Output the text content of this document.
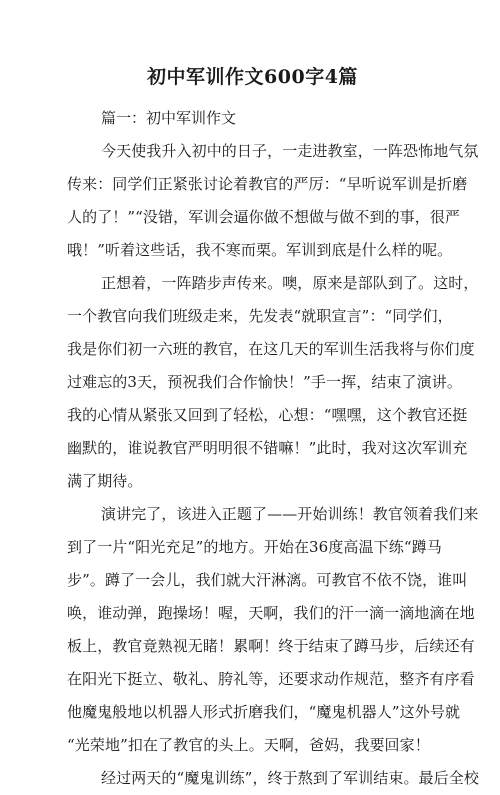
初中军训作文600字4篇

篇一：初中军训作文

今天使我升入初中的日子，一走进教室，一阵恐怖地气氛
传来：同学们正紧张讨论着教官的严厉：“早听说军训是折磨
人的了！”“没错，军训会逼你做不想做与做不到的事，很严
哦！”听着这些话，我不寒而栗。军训到底是什么样的呢。
正想着，一阵踏步声传来。噢，原来是部队到了。这时，
一个教官向我们班级走来，先发表“就职宣言”：“同学们，
我是你们初一六班的教官，在这几天的军训生活我将与你们度
过难忘的3天，预祝我们合作愉快！”手一挥，结束了演讲。
我的心情从紧张又回到了轻松，心想：“嘿嘿，这个教官还挺
幽默的，谁说教官严明明很不错嘛！”此时，我对这次军训充
满了期待。
演讲完了，该进入正题了——开始训练！教官领着我们来
到了一片“阳光充足”的地方。开始在36度高温下练“蹲马
步”。蹲了一会儿，我们就大汗淋漓。可教官不依不饶，谁叫
唤，谁动弹，跑操场！喔，天啊，我们的汗一滴一滴地滴在地
板上，教官竟熟视无睹！累啊！终于结束了蹲马步，后续还有
在阳光下挺立、敬礼、胯礼等，还要求动作规范，整齐有序看
他魔鬼般地以机器人形式折磨我们，“魔鬼机器人”这外号就
“光荣地”扣在了教官的头上。天啊，爸妈，我要回家！
经过两天的“魔鬼训练”，终于熬到了军训结束。最后全校
